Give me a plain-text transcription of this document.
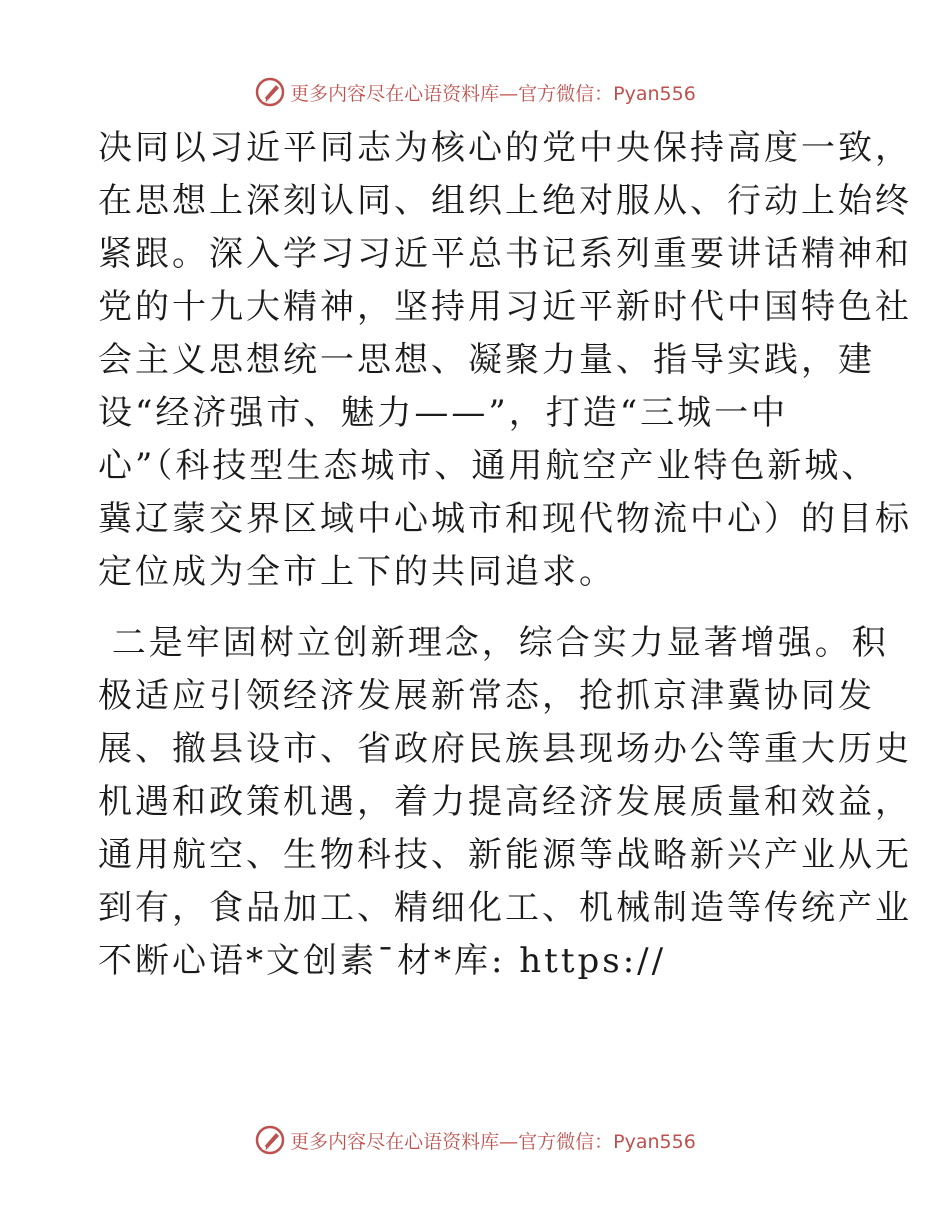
更多内容尽在心语资料库—官方微信：Pyan556

决同以习近平同志为核心的党中央保持高度一致，
在思想上深刻认同、组织上绝对服从、行动上始终
紧跟。深入学习习近平总书记系列重要讲话精神和
党的十九大精神，坚持用习近平新时代中国特色社
会主义思想统一思想、凝聚力量、指导实践，建
设“经济强市、魅力——”，打造“三城一中
心”（科技型生态城市、通用航空产业特色新城、
冀辽蒙交界区域中心城市和现代物流中心）的目标
定位成为全市上下的共同追求。

二是牢固树立创新理念，综合实力显著增强。积
极适应引领经济发展新常态，抢抓京津冀协同发
展、撤县设市、省政府民族县现场办公等重大历史
机遇和政策机遇，着力提高经济发展质量和效益，
通用航空、生物科技、新能源等战略新兴产业从无
到有，食品加工、精细化工、机械制造等传统产业
不断心语*文创素¯材*库: https://

更多内容尽在心语资料库—官方微信：Pyan556
